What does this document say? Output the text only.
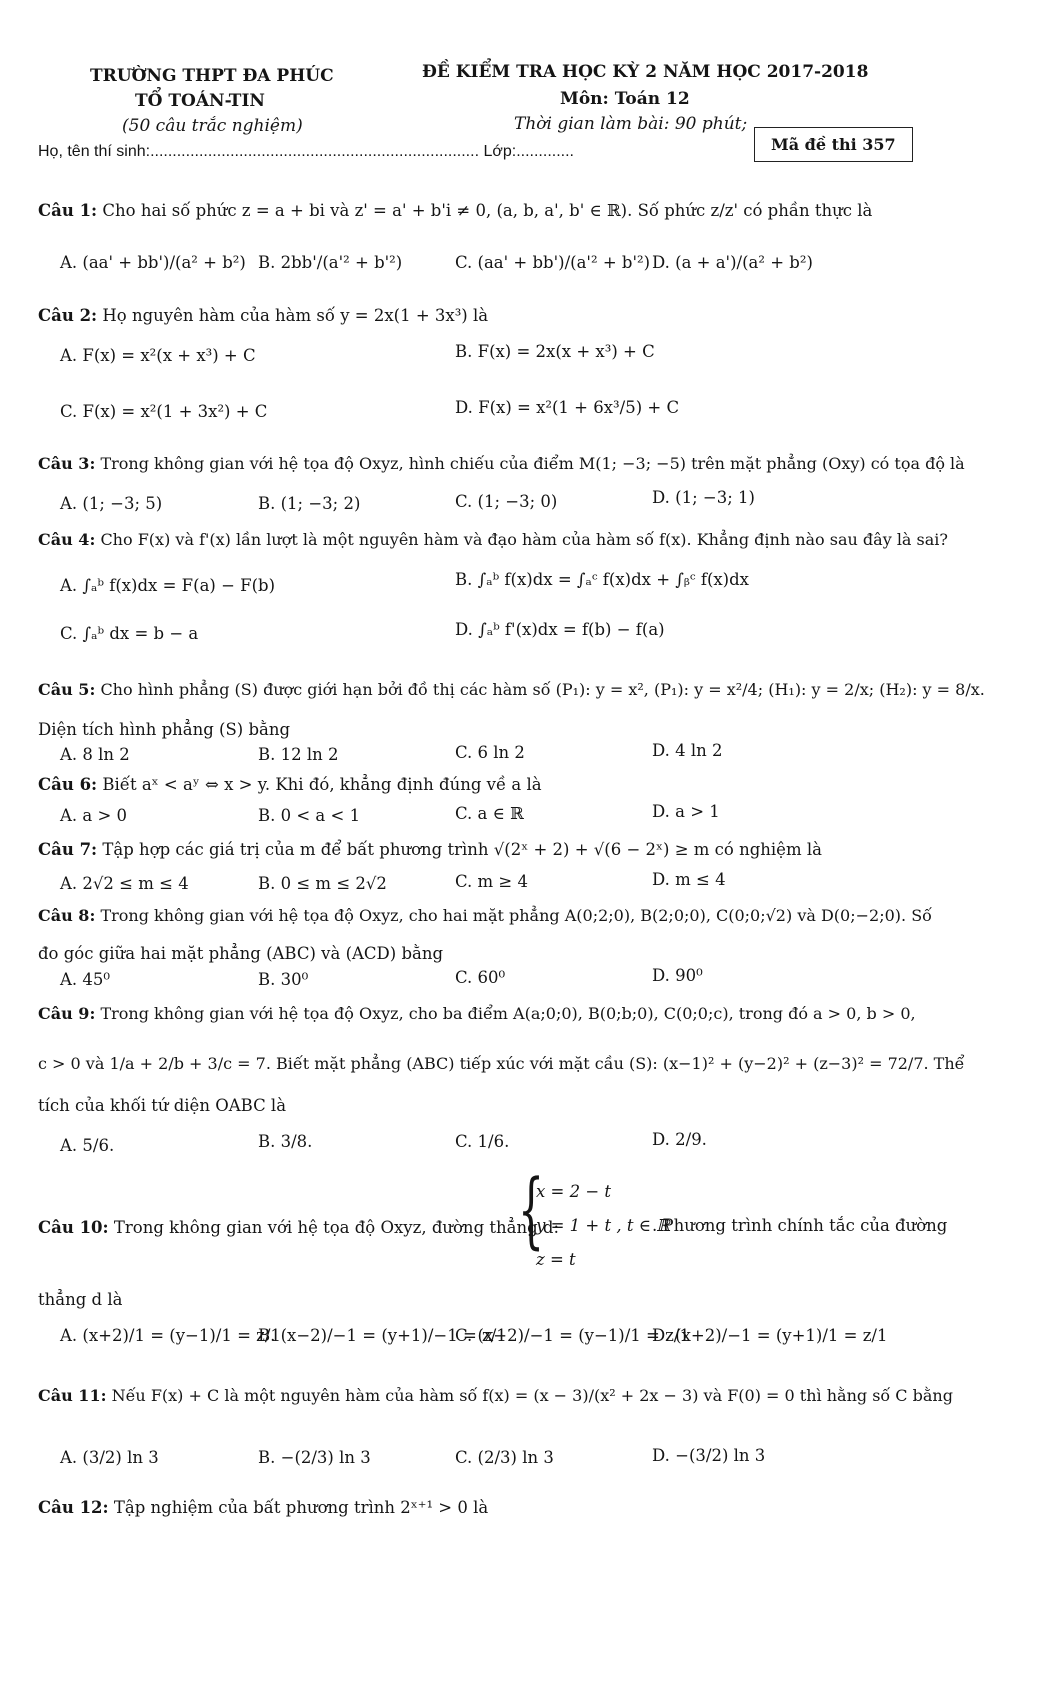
TRƯỜNG THPT ĐA PHÚC
TỔ TOÁN-TIN
(50 câu trắc nghiệm)
Họ, tên thí sinh:.......................................................................... Lớp:.............
ĐỀ KIỂM TRA HỌC KỲ 2 NĂM HỌC 2017-2018
Môn: Toán 12
Thời gian làm bài: 90 phút;
Mã đề thi 357
Câu 1: Cho hai số phức z = a + bi và z' = a' + b'i ≠ 0, (a, b, a', b' ∈ ℝ). Số phức z/z' có phần thực là
A. (aa' + bb')/(a² + b²) B. 2bb'/(a'² + b'²)	C. (aa' + bb')/(a'² + b'²) D. (a + a')/(a² + b²)
Câu 2: Họ nguyên hàm của hàm số y = 2x(1 + 3x³) là
A. F(x) = x²(x + x³) + C	B. F(x) = 2x(x + x³) + C
C. F(x) = x²(1 + 3x²) + C	D. F(x) = x²(1 + 6x³/5) + C
Câu 3: Trong không gian với hệ tọa độ Oxyz, hình chiếu của điểm M(1; −3; −5) trên mặt phẳng (Oxy) có tọa độ là
A. (1; −3; 5)	B. (1; −3; 2)	C. (1; −3; 0)	D. (1; −3; 1)
Câu 4: Cho F(x) và f'(x) lần lượt là một nguyên hàm và đạo hàm của hàm số f(x). Khẳng định nào sau đây là sai?
A. ∫ₐᵇ f(x)dx = F(a) − F(b)	B. ∫ₐᵇ f(x)dx = ∫ₐᶜ f(x)dx + ∫ᵦᶜ f(x)dx
C. ∫ₐᵇ dx = b − a	D. ∫ₐᵇ f'(x)dx = f(b) − f(a)
Câu 5: Cho hình phẳng (S) được giới hạn bởi đồ thị các hàm số (P₁): y = x², (P₁): y = x²/4; (H₁): y = 2/x; (H₂): y = 8/x.
Diện tích hình phẳng (S) bằng
A. 8 ln 2	B. 12 ln 2	C. 6 ln 2	D. 4 ln 2
Câu 6: Biết aˣ < aʸ ⇔ x > y. Khi đó, khẳng định đúng về a là
A. a > 0	B. 0 < a < 1	C. a ∈ ℝ	D. a > 1
Câu 7: Tập hợp các giá trị của m để bất phương trình √(2ˣ + 2) + √(6 − 2ˣ) ≥ m có nghiệm là
A. 2√2 ≤ m ≤ 4	B. 0 ≤ m ≤ 2√2	C. m ≥ 4	D. m ≤ 4
Câu 8: Trong không gian với hệ tọa độ Oxyz, cho hai mặt phẳng A(0;2;0), B(2;0;0), C(0;0;√2) và D(0;−2;0). Số
đo góc giữa hai mặt phẳng (ABC) và (ACD) bằng
A. 45⁰	B. 30⁰	C. 60⁰	D. 90⁰
Câu 9: Trong không gian với hệ tọa độ Oxyz, cho ba điểm A(a;0;0), B(0;b;0), C(0;0;c), trong đó a > 0, b > 0,
c > 0 và 1/a + 2/b + 3/c = 7. Biết mặt phẳng (ABC) tiếp xúc với mặt cầu (S): (x−1)² + (y−2)² + (z−3)² = 72/7. Thể
tích của khối tứ diện OABC là
A. 5/6.	B. 3/8.	C. 1/6.	D. 2/9.
Câu 10: Trong không gian với hệ tọa độ Oxyz, đường thẳng d:
{
x = 2 − t
y = 1 + t , t ∈ ℝ
z = t
. Phương trình chính tắc của đường
thẳng d là
A. (x+2)/1 = (y−1)/1 = z/1
B. (x−2)/−1 = (y+1)/−1 = z/1
C. (x−2)/−1 = (y−1)/1 = z/1
D. (x+2)/−1 = (y+1)/1 = z/1
Câu 11: Nếu F(x) + C là một nguyên hàm của hàm số f(x) = (x − 3)/(x² + 2x − 3) và F(0) = 0 thì hằng số C bằng
A. (3/2) ln 3	B. −(2/3) ln 3	C. (2/3) ln 3	D. −(3/2) ln 3
Câu 12: Tập nghiệm của bất phương trình 2ˣ⁺¹ > 0 là
